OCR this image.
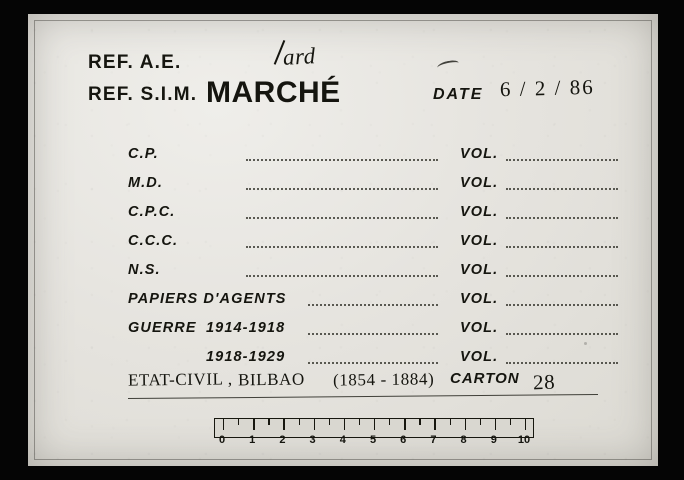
REF. A.E.	ard
REF. S.I.M. MARCHÉ	DATE 6 / 2 / 86
C.P.	VOL.
M.D.	VOL.
C.P.C.	VOL.
C.C.C.	VOL.
N.S.	VOL.
PAPIERS D'AGENTS	VOL.
GUERRE 1914-1918	VOL.
1918-1929	VOL.
ETAT-CIVIL , BILBAO (1854 - 1884) CARTON 28
0 1 2 3 4 5 6 7 8 9 10
